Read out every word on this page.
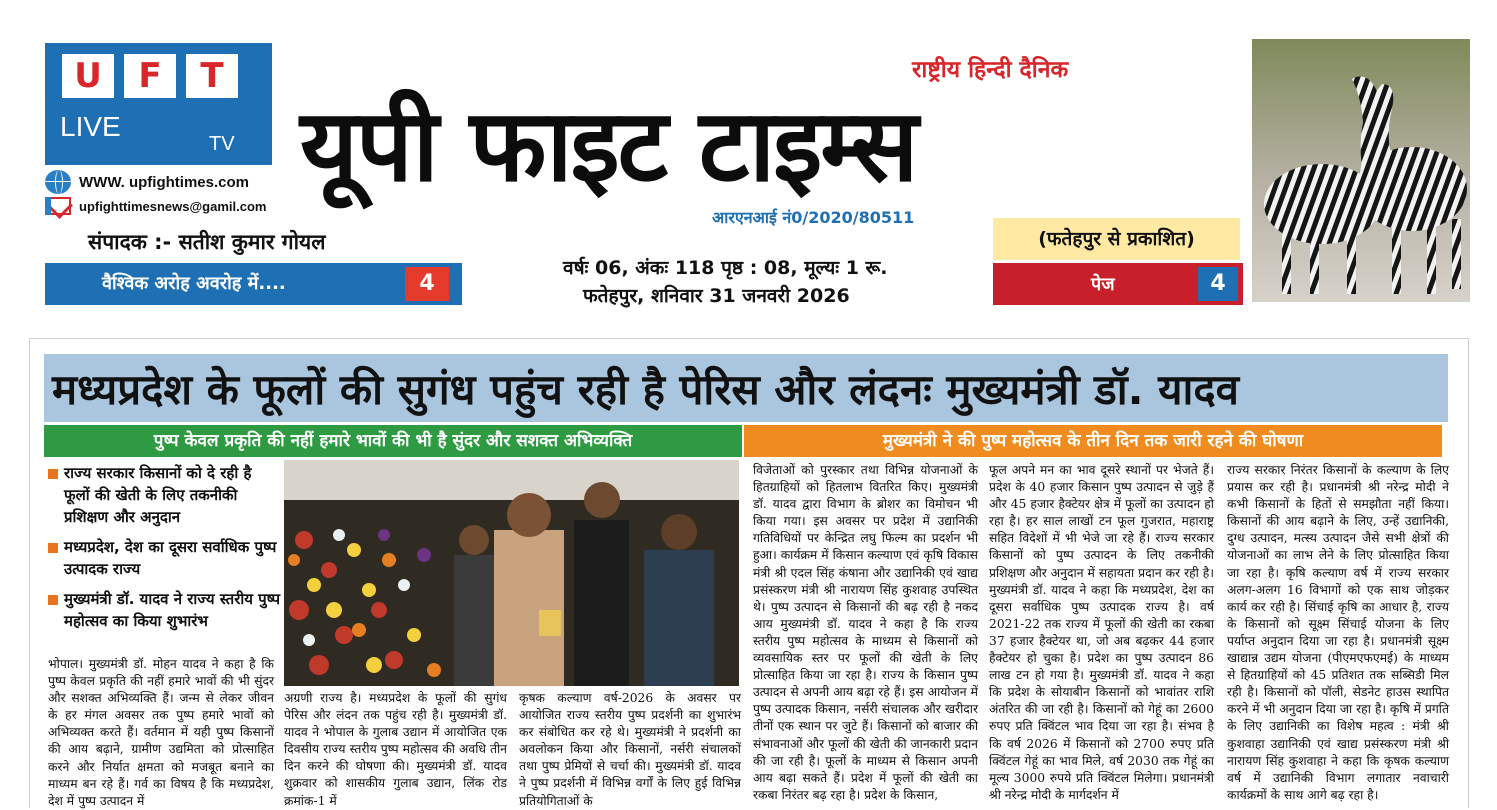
U	F	T
LIVE
TV
WWW. upfightimes.com
upfighttimesnews@gamil.com
संपादक :- सतीश कुमार गोयल
वैश्विक अरोह अवरोह में....	4
राष्ट्रीय हिन्दी दैनिक
यूपी फाइट टाइम्स
आरएनआई नं0/2020/80511
वर्षः 06, अंकः 118 पृष्ठ : 08, मूल्यः 1 रू.
फतेहपुर, शनिवार 31 जनवरी 2026
(फतेहपुर से प्रकाशित)
पेज	4
मध्यप्रदेश के फूलों की सुगंध पहुंच रही है पेरिस और लंदनः मुख्यमंत्री डॉ. यादव
पुष्प केवल प्रकृति की नहीं हमारे भावों की भी है सुंदर और सशक्त अभिव्यक्ति	मुख्यमंत्री ने की पुष्प महोत्सव के तीन दिन तक जारी रहने की घोषणा
राज्य सरकार किसानों को दे रही है फूलों की खेती के लिए तकनीकी प्रशिक्षण और अनुदान
मध्यप्रदेश, देश का दूसरा सर्वाधिक पुष्प उत्पादक राज्य
मुख्यमंत्री डॉ. यादव ने राज्य स्तरीय पुष्प महोत्सव का किया शुभारंभ
भोपाल। मुख्यमंत्री डॉ. मोहन यादव ने कहा है कि पुष्प केवल प्रकृति की नहीं हमारे भावों की भी सुंदर और सशक्त अभिव्यक्ति हैं। जन्म से लेकर जीवन के हर मंगल अवसर तक पुष्प हमारे भावों को अभिव्यक्त करते हैं। वर्तमान में यही पुष्प किसानों की आय बढ़ाने, ग्रामीण उद्यमिता को प्रोत्साहित करने और निर्यात क्षमता को मजबूत बनाने का माध्यम बन रहे हैं। गर्व का विषय है कि मध्यप्रदेश, देश में पुष्प उत्पादन में
अग्रणी राज्य है। मध्यप्रदेश के फूलों की सुगंध पेरिस और लंदन तक पहुंच रही है। मुख्यमंत्री डॉ. यादव ने भोपाल के गुलाब उद्यान में आयोजित एक दिवसीय राज्य स्तरीय पुष्प महोत्सव की अवधि तीन दिन करने की घोषणा की। मुख्यमंत्री डॉ. यादव शुक्रवार को शासकीय गुलाब उद्यान, लिंक रोड क्रमांक-1 में
कृषक कल्याण वर्ष-2026 के अवसर पर आयोजित राज्य स्तरीय पुष्प प्रदर्शनी का शुभारंभ कर संबोधित कर रहे थे। मुख्यमंत्री ने प्रदर्शनी का अवलोकन किया और किसानों, नर्सरी संचालकों तथा पुष्प प्रेमियों से चर्चा की। मुख्यमंत्री डॉ. यादव ने पुष्प प्रदर्शनी में विभिन्न वर्गों के लिए हुई विभिन्न प्रतियोगिताओं के
विजेताओं को पुरस्कार तथा विभिन्न योजनाओं के हितग्राहियों को हितलाभ वितरित किए। मुख्यमंत्री डॉ. यादव द्वारा विभाग के ब्रोशर का विमोचन भी किया गया। इस अवसर पर प्रदेश में उद्यानिकी गतिविधियों पर केन्द्रित लघु फिल्म का प्रदर्शन भी हुआ। कार्यक्रम में किसान कल्याण एवं कृषि विकास मंत्री श्री एदल सिंह कंषाना और उद्यानिकी एवं खाद्य प्रसंस्करण मंत्री श्री नारायण सिंह कुशवाह उपस्थित थे। पुष्प उत्पादन से किसानों की बढ़ रही है नकद आय मुख्यमंत्री डॉ. यादव ने कहा है कि राज्य स्तरीय पुष्प महोत्सव के माध्यम से किसानों को व्यवसायिक स्तर पर फूलों की खेती के लिए प्रोत्साहित किया जा रहा है। राज्य के किसान पुष्प उत्पादन से अपनी आय बढ़ा रहे हैं। इस आयोजन में पुष्प उत्पादक किसान, नर्सरी संचालक और खरीदार तीनों एक स्थान पर जुटे हैं। किसानों को बाजार की संभावनाओं और फूलों की खेती की जानकारी प्रदान की जा रही है। फूलों के माध्यम से किसान अपनी आय बढ़ा सकते हैं। प्रदेश में फूलों की खेती का रकबा निरंतर बढ़ रहा है। प्रदेश के किसान,
फूल अपने मन का भाव दूसरे स्थानों पर भेजते हैं। प्रदेश के 40 हजार किसान पुष्प उत्पादन से जुड़े हैं और 45 हजार हैक्टेयर क्षेत्र में फूलों का उत्पादन हो रहा है। हर साल लाखों टन फूल गुजरात, महाराष्ट्र सहित विदेशों में भी भेजे जा रहे हैं। राज्य सरकार किसानों को पुष्प उत्पादन के लिए तकनीकी प्रशिक्षण और अनुदान में सहायता प्रदान कर रही है। मुख्यमंत्री डॉ. यादव ने कहा कि मध्यप्रदेश, देश का दूसरा सर्वाधिक पुष्प उत्पादक राज्य है। वर्ष 2021-22 तक राज्य में फूलों की खेती का रकबा 37 हजार हैक्टेयर था, जो अब बढ़कर 44 हजार हैक्टेयर हो चुका है। प्रदेश का पुष्प उत्पादन 86 लाख टन हो गया है। मुख्यमंत्री डॉ. यादव ने कहा कि प्रदेश के सोयाबीन किसानों को भावांतर राशि अंतरित की जा रही है। किसानों को गेहूं का 2600 रुपए प्रति क्विंटल भाव दिया जा रहा है। संभव है कि वर्ष 2026 में किसानों को 2700 रुपए प्रति क्विंटल गेहूं का भाव मिले, वर्ष 2030 तक गेहूं का मूल्य 3000 रुपये प्रति क्विंटल मिलेगा। प्रधानमंत्री श्री नरेन्द्र मोदी के मार्गदर्शन में
राज्य सरकार निरंतर किसानों के कल्याण के लिए प्रयास कर रही है। प्रधानमंत्री श्री नरेन्द्र मोदी ने कभी किसानों के हितों से समझौता नहीं किया। किसानों की आय बढ़ाने के लिए, उन्हें उद्यानिकी, दुग्ध उत्पादन, मत्स्य उत्पादन जैसे सभी क्षेत्रों की योजनाओं का लाभ लेने के लिए प्रोत्साहित किया जा रहा है। कृषि कल्याण वर्ष में राज्य सरकार अलग-अलग 16 विभागों को एक साथ जोड़कर कार्य कर रही है। सिंचाई कृषि का आधार है, राज्य के किसानों को सूक्ष्म सिंचाई योजना के लिए पर्याप्त अनुदान दिया जा रहा है। प्रधानमंत्री सूक्ष्म खाद्यान्न उद्यम योजना (पीएमएफएमई) के माध्यम से हितग्राहियों को 45 प्रतिशत तक सब्सिडी मिल रही है। किसानों को पॉली, सेडनेट हाउस स्थापित करने में भी अनुदान दिया जा रहा है। कृषि में प्रगति के लिए उद्यानिकी का विशेष महत्व : मंत्री श्री कुशवाहा उद्यानिकी एवं खाद्य प्रसंस्करण मंत्री श्री नारायण सिंह कुशवाहा ने कहा कि कृषक कल्याण वर्ष में उद्यानिकी विभाग लगातार नवाचारी कार्यक्रमों के साथ आगे बढ़ रहा है।
